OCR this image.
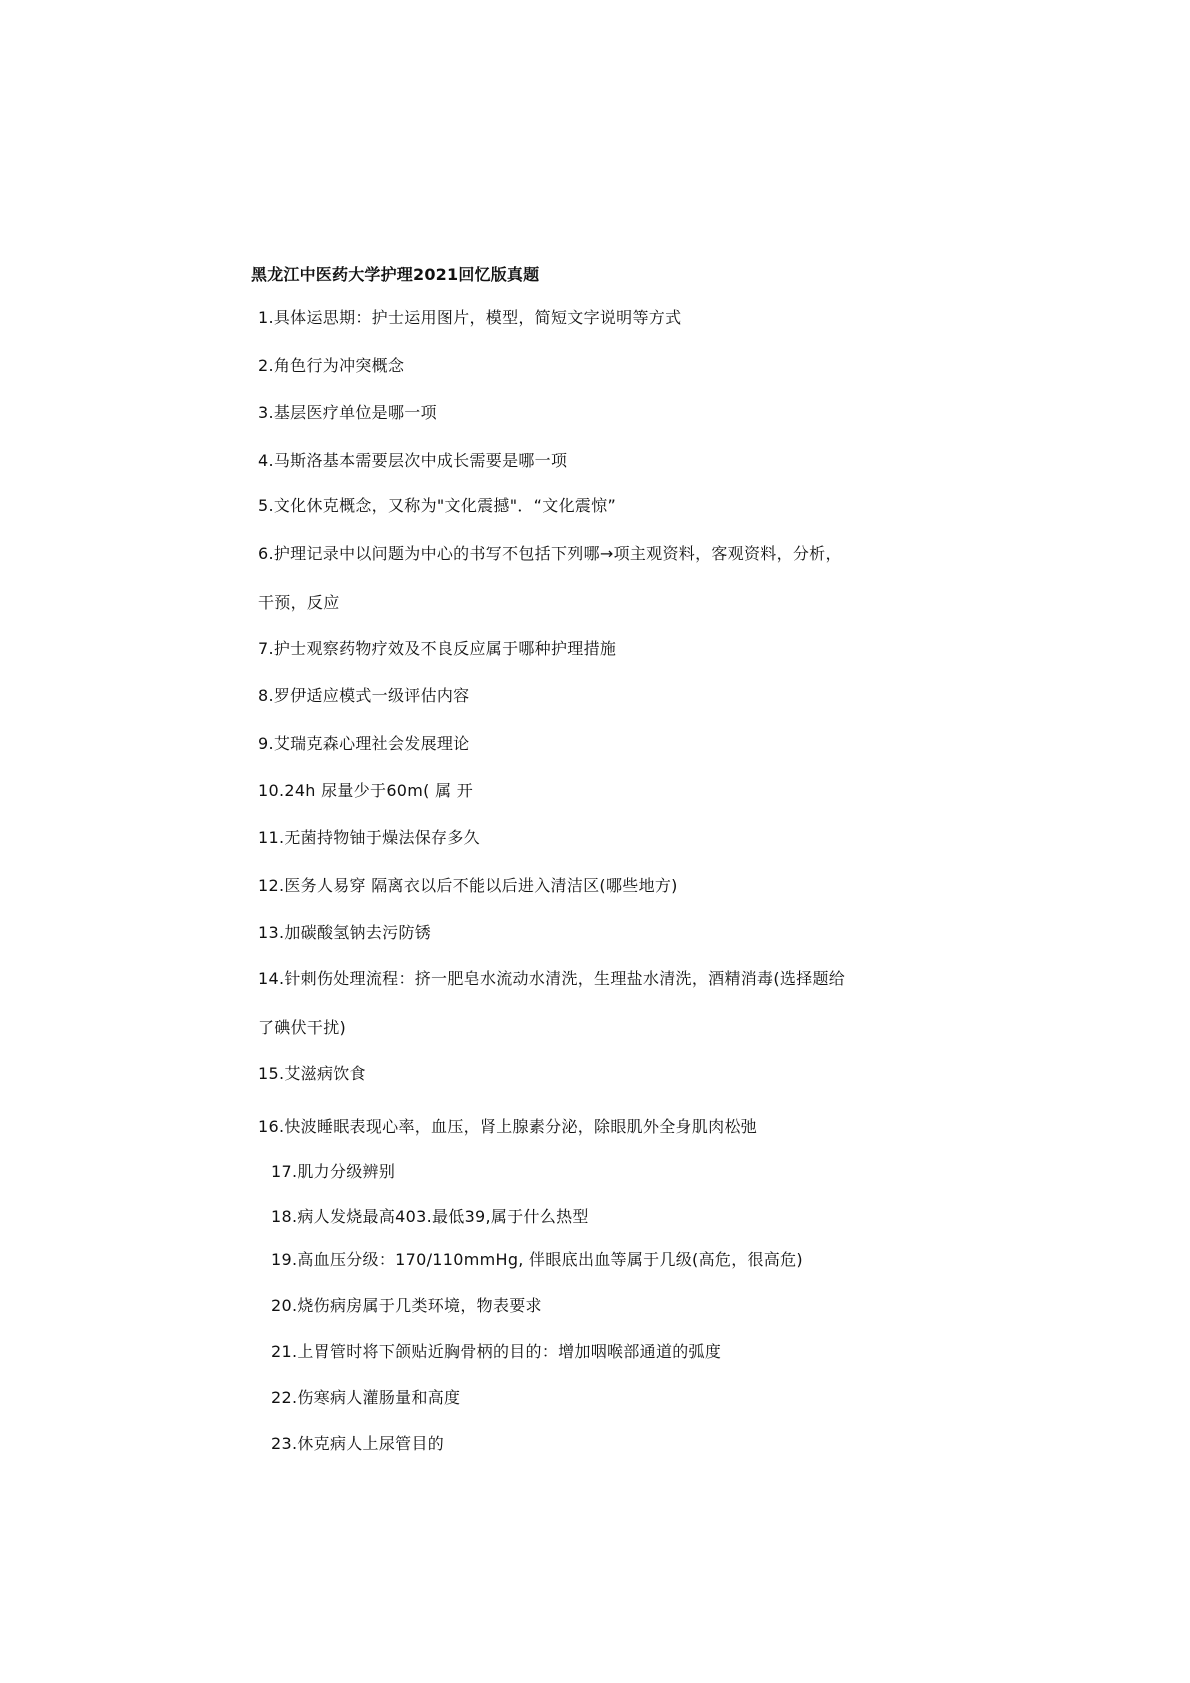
黑龙江中医药大学护理2021回忆版真题
1.具体运思期：护士运用图片，模型，简短文字说明等方式
2.角色行为冲突概念
3.基层医疗单位是哪一项
4.马斯洛基本需要层次中成长需要是哪一项
5.文化休克概念，又称为"文化震撼"．“文化震惊”
6.护理记录中以问题为中心的书写不包括下列哪→项主观资料，客观资料，分析，
干预，反应
7.护士观察药物疗效及不良反应属于哪种护理措施
8.罗伊适应模式一级评估内容
9.艾瑞克森心理社会发展理论
10.24h 尿量少于60m( 属 开
11.无菌持物铀于燥法保存多久
12.医务人易穿 隔离衣以后不能以后进入清洁区(哪些地方)
13.加碳酸氢钠去污防锈
14.针刺伤处理流程：挤一肥皂水流动水清洗，生理盐水清洗，酒精消毒(选择题给
了碘伏干扰)
15.艾滋病饮食
16.快波睡眠表现心率，血压，肾上腺素分泌，除眼肌外全身肌肉松弛
17.肌力分级辨别
18.病人发烧最高403.最低39,属于什么热型
19.高血压分级：170/110mmHg, 伴眼底出血等属于几级(高危，很高危)
20.烧伤病房属于几类环境，物表要求
21.上胃管时将下颌贴近胸骨柄的目的：增加咽喉部通道的弧度
22.伤寒病人灌肠量和高度
23.休克病人上尿管目的
